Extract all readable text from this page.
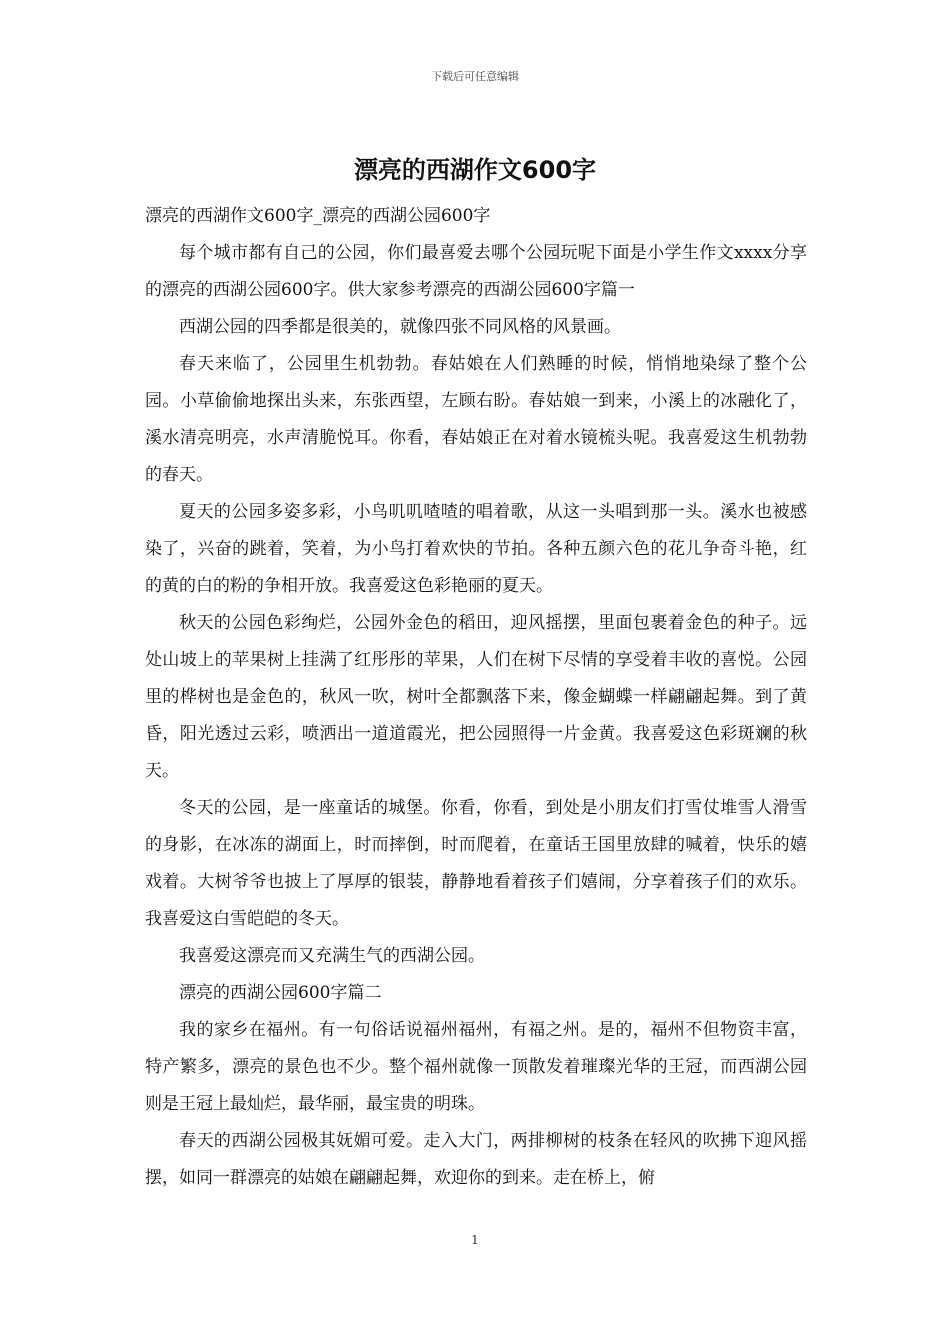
下载后可任意编辑
漂亮的西湖作文600字

漂亮的西湖作文600字_漂亮的西湖公园600字

每个城市都有自己的公园，你们最喜爱去哪个公园玩呢下面是小学生作文xxxx分享的漂亮的西湖公园600字。供大家参考漂亮的西湖公园600字篇一

西湖公园的四季都是很美的，就像四张不同风格的风景画。

春天来临了，公园里生机勃勃。春姑娘在人们熟睡的时候，悄悄地染绿了整个公园。小草偷偷地探出头来，东张西望，左顾右盼。春姑娘一到来，小溪上的冰融化了，溪水清亮明亮，水声清脆悦耳。你看，春姑娘正在对着水镜梳头呢。我喜爱这生机勃勃的春天。

夏天的公园多姿多彩，小鸟叽叽喳喳的唱着歌，从这一头唱到那一头。溪水也被感染了，兴奋的跳着，笑着，为小鸟打着欢快的节拍。各种五颜六色的花儿争奇斗艳，红的黄的白的粉的争相开放。我喜爱这色彩艳丽的夏天。

秋天的公园色彩绚烂，公园外金色的稻田，迎风摇摆，里面包裹着金色的种子。远处山坡上的苹果树上挂满了红彤彤的苹果，人们在树下尽情的享受着丰收的喜悦。公园里的桦树也是金色的，秋风一吹，树叶全都飘落下来，像金蝴蝶一样翩翩起舞。到了黄昏，阳光透过云彩，喷洒出一道道霞光，把公园照得一片金黄。我喜爱这色彩斑斓的秋天。

冬天的公园，是一座童话的城堡。你看，你看，到处是小朋友们打雪仗堆雪人滑雪的身影，在冰冻的湖面上，时而摔倒，时而爬着，在童话王国里放肆的喊着，快乐的嬉戏着。大树爷爷也披上了厚厚的银装，静静地看着孩子们嬉闹，分享着孩子们的欢乐。我喜爱这白雪皑皑的冬天。

我喜爱这漂亮而又充满生气的西湖公园。

漂亮的西湖公园600字篇二

我的家乡在福州。有一句俗话说福州福州，有福之州。是的，福州不但物资丰富，特产繁多，漂亮的景色也不少。整个福州就像一顶散发着璀璨光华的王冠，而西湖公园则是王冠上最灿烂，最华丽，最宝贵的明珠。

春天的西湖公园极其妩媚可爱。走入大门，两排柳树的枝条在轻风的吹拂下迎风摇摆，如同一群漂亮的姑娘在翩翩起舞，欢迎你的到来。走在桥上，俯

1
